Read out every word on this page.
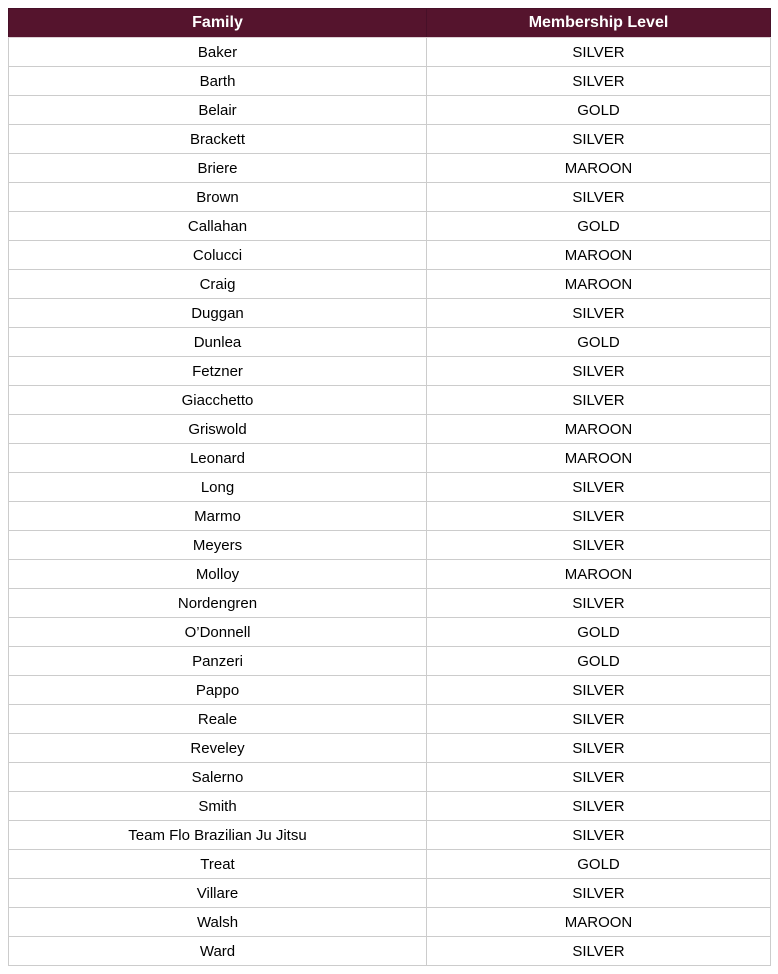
Family	Membership Level
Baker	SILVER
Barth	SILVER
Belair	GOLD
Brackett	SILVER
Briere	MAROON
Brown	SILVER
Callahan	GOLD
Colucci	MAROON
Craig	MAROON
Duggan	SILVER
Dunlea	GOLD
Fetzner	SILVER
Giacchetto	SILVER
Griswold	MAROON
Leonard	MAROON
Long	SILVER
Marmo	SILVER
Meyers	SILVER
Molloy	MAROON
Nordengren	SILVER
O’Donnell	GOLD
Panzeri	GOLD
Pappo	SILVER
Reale	SILVER
Reveley	SILVER
Salerno	SILVER
Smith	SILVER
Team Flo Brazilian Ju Jitsu	SILVER
Treat	GOLD
Villare	SILVER
Walsh	MAROON
Ward	SILVER
